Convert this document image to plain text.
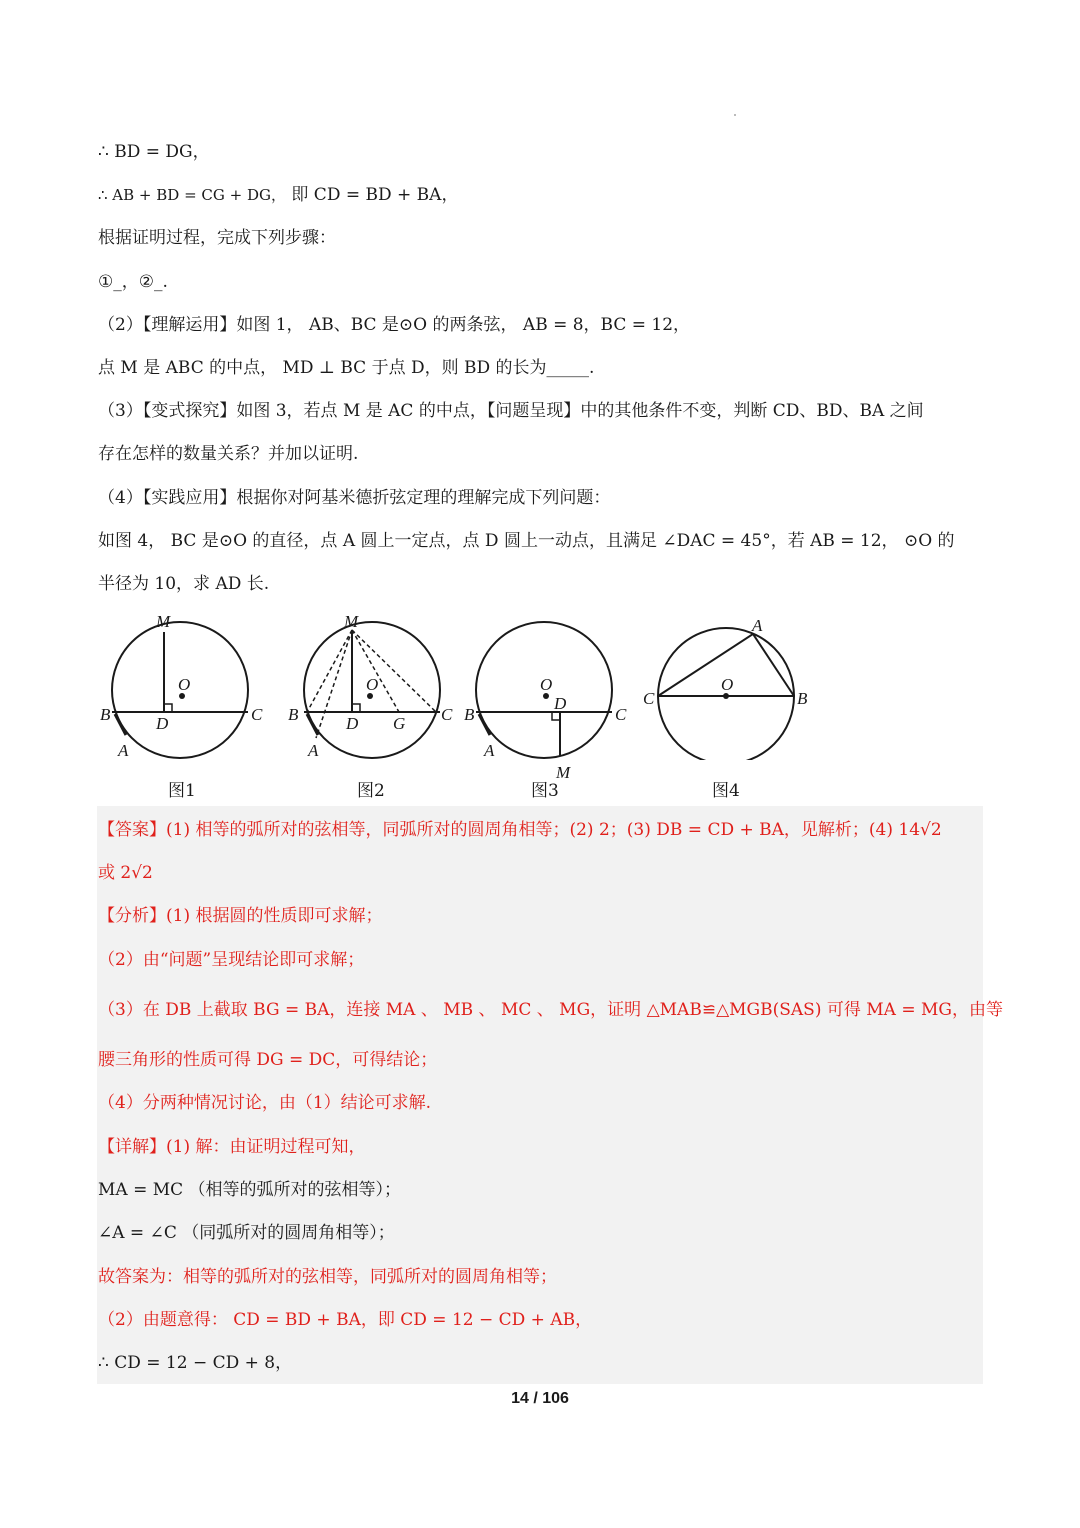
∴ BD = DG，
∴ AB + BD = CG + DG， 即 CD = BD + BA，
根据证明过程，完成下列步骤：
①_，②_.
（2）【理解运用】如图 1， AB、BC 是⊙O 的两条弦， AB = 8，BC = 12，
点 M 是 ABC 的中点， MD ⊥ BC 于点 D，则 BD 的长为_____.
（3）【变式探究】如图 3，若点 M 是 AC 的中点，【问题呈现】中的其他条件不变，判断 CD、BD、BA 之间
存在怎样的数量关系？并加以证明.
（4）【实践应用】根据你对阿基米德折弦定理的理解完成下列问题：
如图 4， BC 是⊙O 的直径，点 A 圆上一定点，点 D 圆上一动点，且满足 ∠DAC = 45°，若 AB = 12， ⊙O 的
半径为 10，求 AD 长.
M
O
B	C
D
A
图1
M
O
B	C
D G
A
图2
O
D
B	C
A
M
图3
A
O
C	B
图4
【答案】(1) 相等的弧所对的弦相等，同弧所对的圆周角相等；(2) 2；(3) DB = CD + BA，见解析；(4) 14√2
或 2√2
【分析】(1) 根据圆的性质即可求解；
（2）由“问题”呈现结论即可求解；
（3）在 DB 上截取 BG = BA，连接 MA 、 MB 、 MC 、 MG，证明 △MAB≌△MGB(SAS) 可得 MA = MG，由等
腰三角形的性质可得 DG = DC，可得结论；
（4）分两种情况讨论，由（1）结论可求解.
【详解】(1) 解：由证明过程可知，
MA = MC （相等的弧所对的弦相等）；
∠A = ∠C （同弧所对的圆周角相等）；
故答案为：相等的弧所对的弦相等，同弧所对的圆周角相等；
（2）由题意得： CD = BD + BA，即 CD = 12 − CD + AB，
∴ CD = 12 − CD + 8，
14 / 106
